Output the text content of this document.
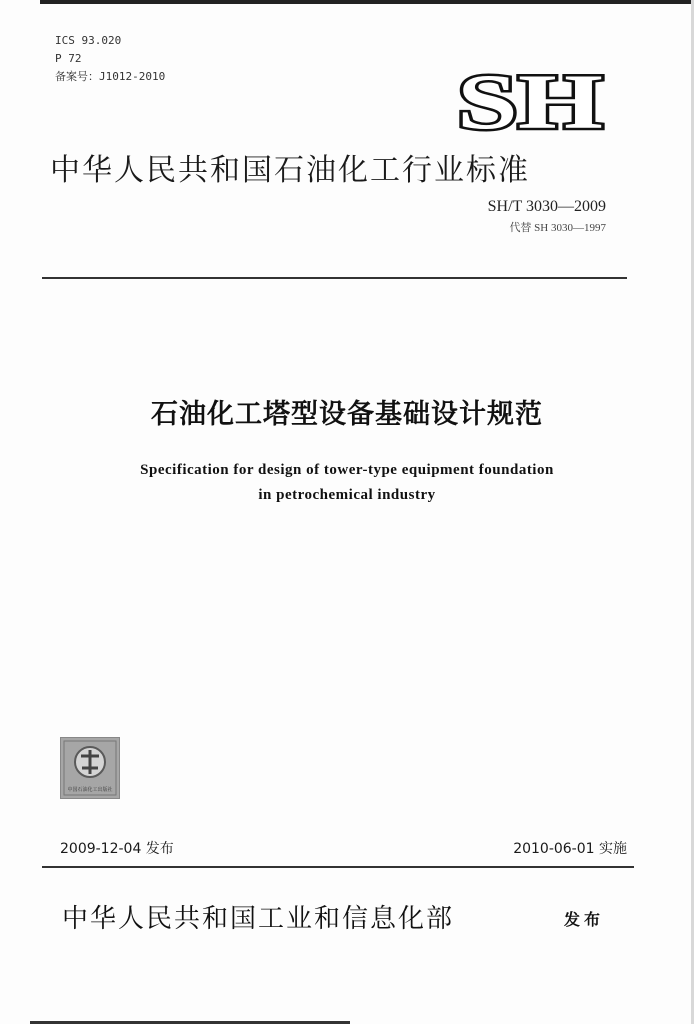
ICS 93.020
P 72
备案号：J1012-2010	SH
中华人民共和国石油化工行业标准
SH/T 3030—2009
代替 SH 3030—1997
石油化工塔型设备基础设计规范
Specification for design of tower-type equipment foundation
in petrochemical industry
中国石油化工出版社
2009-12-04 发布	2010-06-01 实施
中华人民共和国工业和信息化部	发布
